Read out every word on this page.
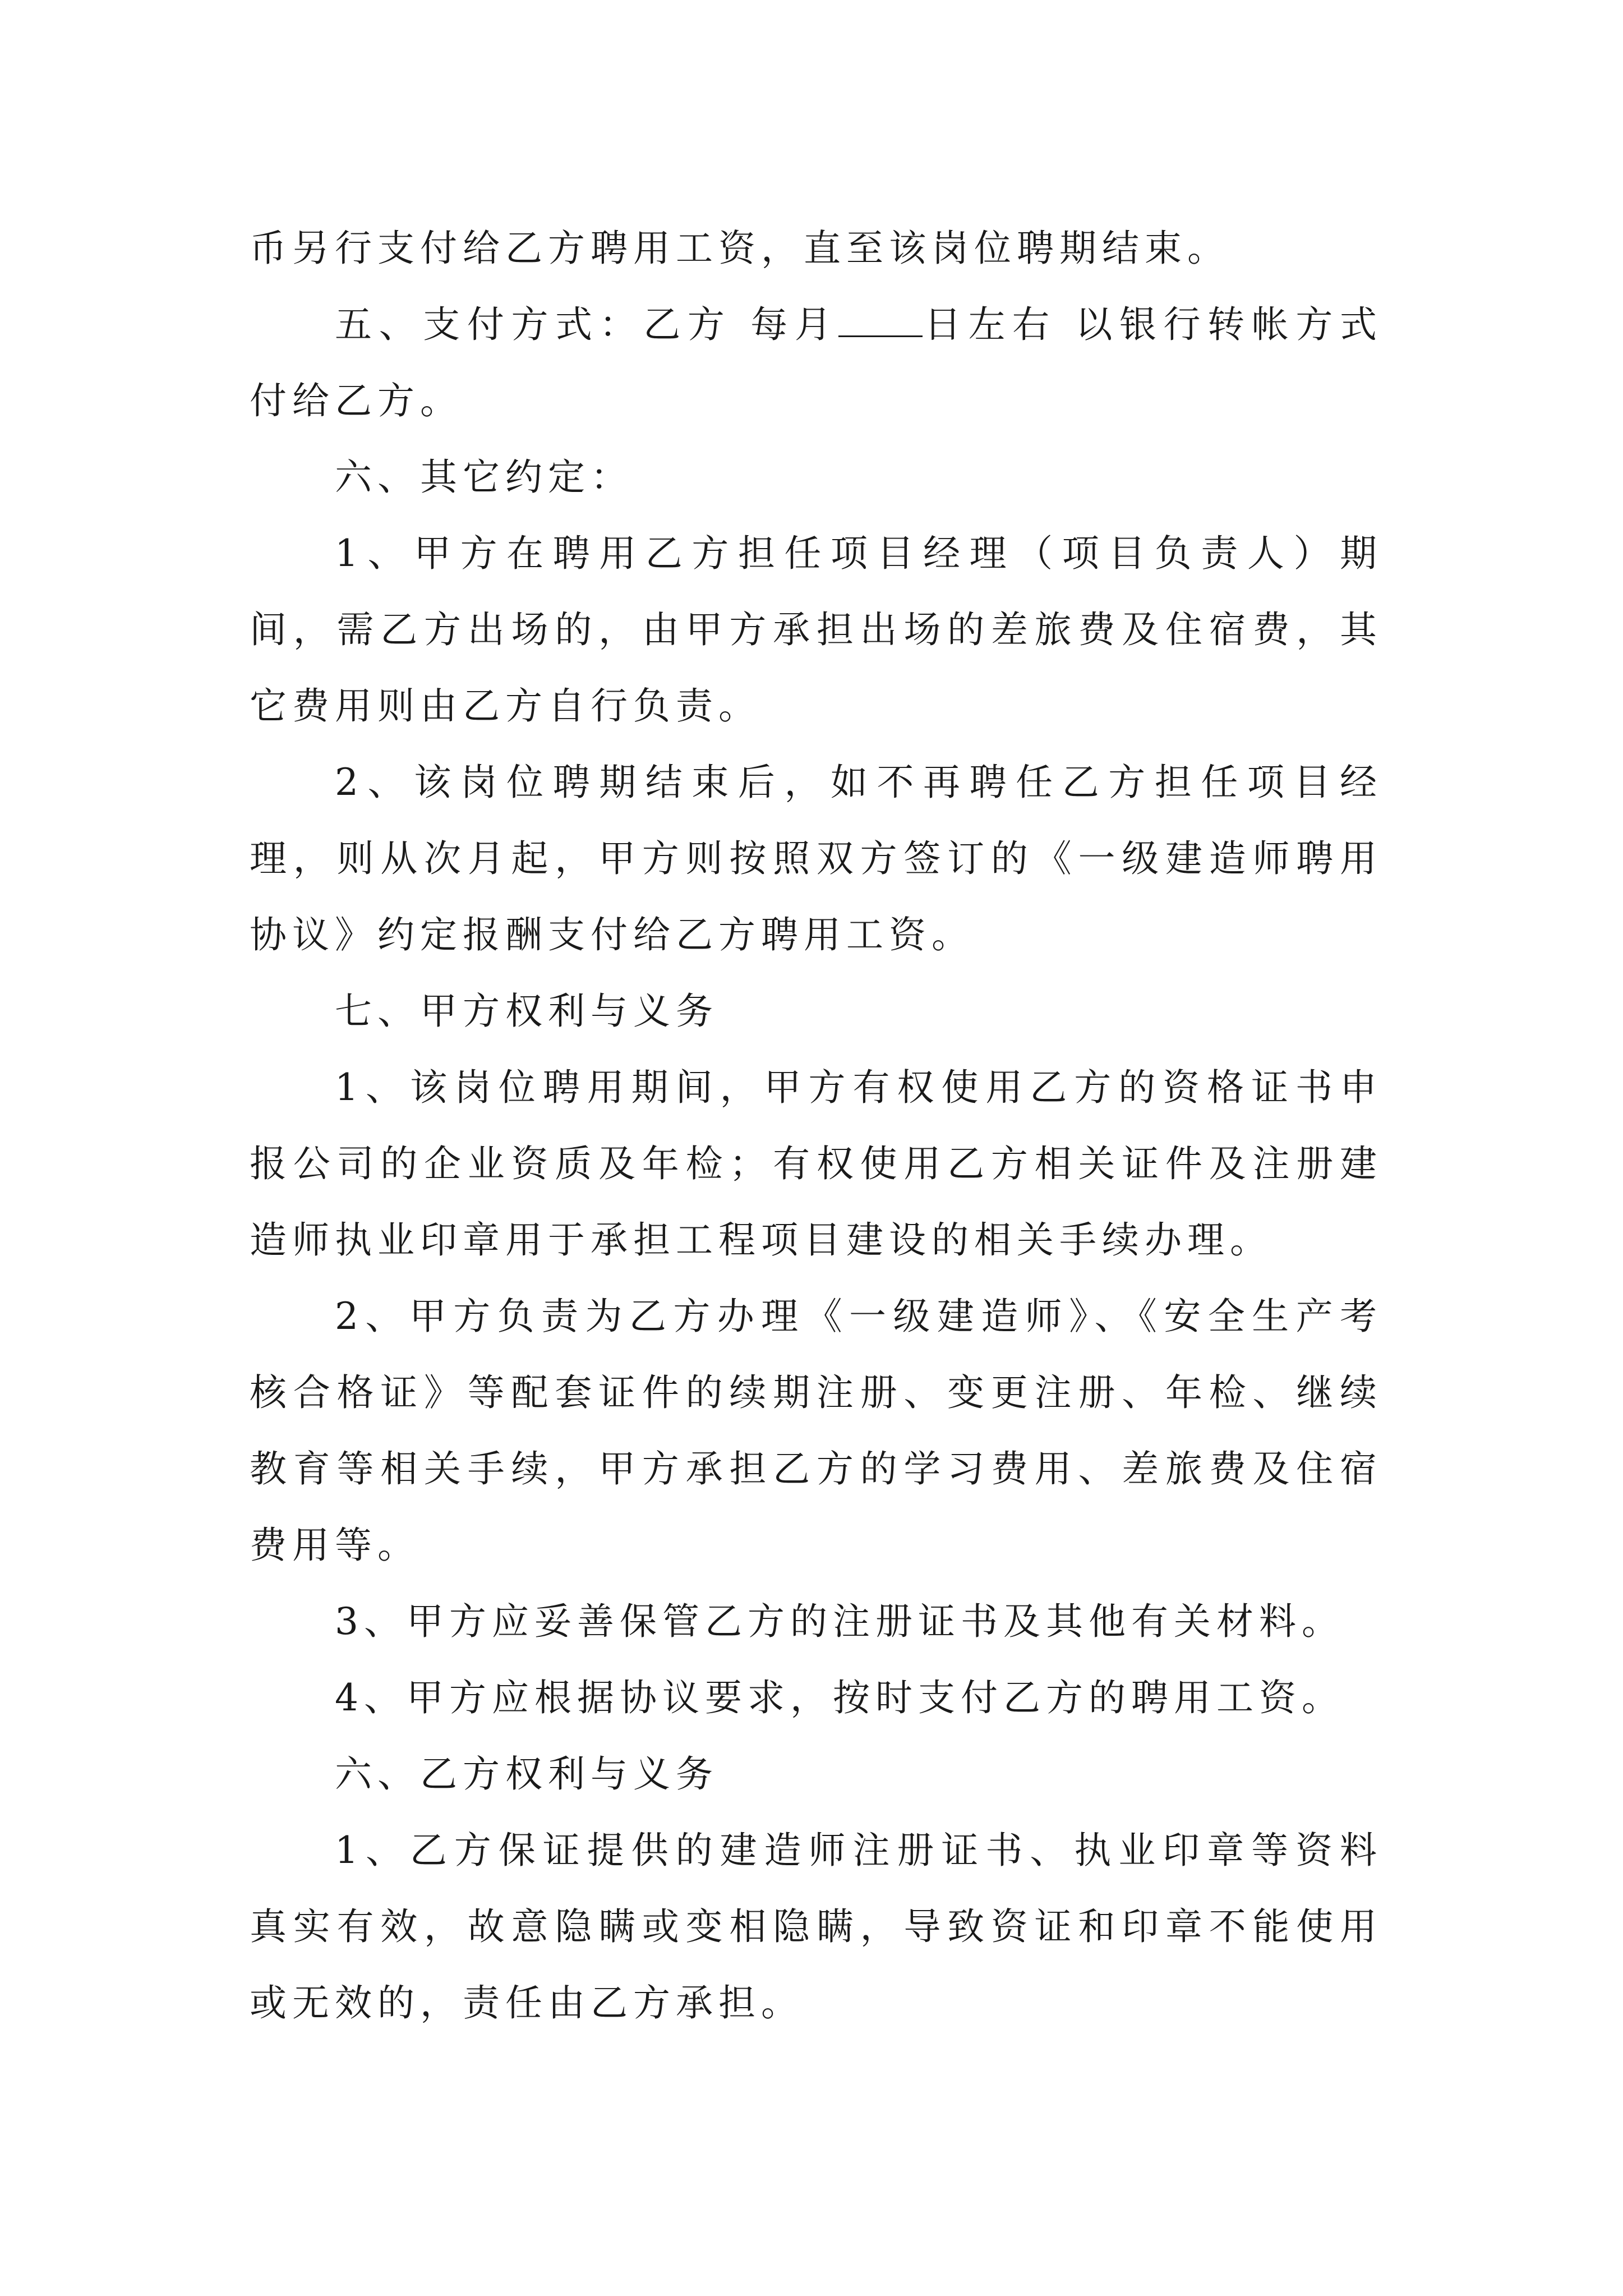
币另行支付给乙方聘用工资，直至该岗位聘期结束。

五、支付方式：乙方 每月 日左右 以银行转帐方式付给乙方。

六、其它约定：

1、甲方在聘用乙方担任项目经理（项目负责人）期间，需乙方出场的，由甲方承担出场的差旅费及住宿费，其它费用则由乙方自行负责。

2、该岗位聘期结束后，如不再聘任乙方担任项目经理，则从次月起，甲方则按照双方签订的《一级建造师聘用协议》约定报酬支付给乙方聘用工资。

七、甲方权利与义务

1、该岗位聘用期间，甲方有权使用乙方的资格证书申报公司的企业资质及年检；有权使用乙方相关证件及注册建造师执业印章用于承担工程项目建设的相关手续办理。

2、甲方负责为乙方办理《一级建造师》、《安全生产考核合格证》等配套证件的续期注册、变更注册、年检、继续教育等相关手续，甲方承担乙方的学习费用、差旅费及住宿费用等。

3、甲方应妥善保管乙方的注册证书及其他有关材料。

4、甲方应根据协议要求，按时支付乙方的聘用工资。

六、乙方权利与义务

1、乙方保证提供的建造师注册证书、执业印章等资料真实有效，故意隐瞒或变相隐瞒，导致资证和印章不能使用或无效的，责任由乙方承担。
